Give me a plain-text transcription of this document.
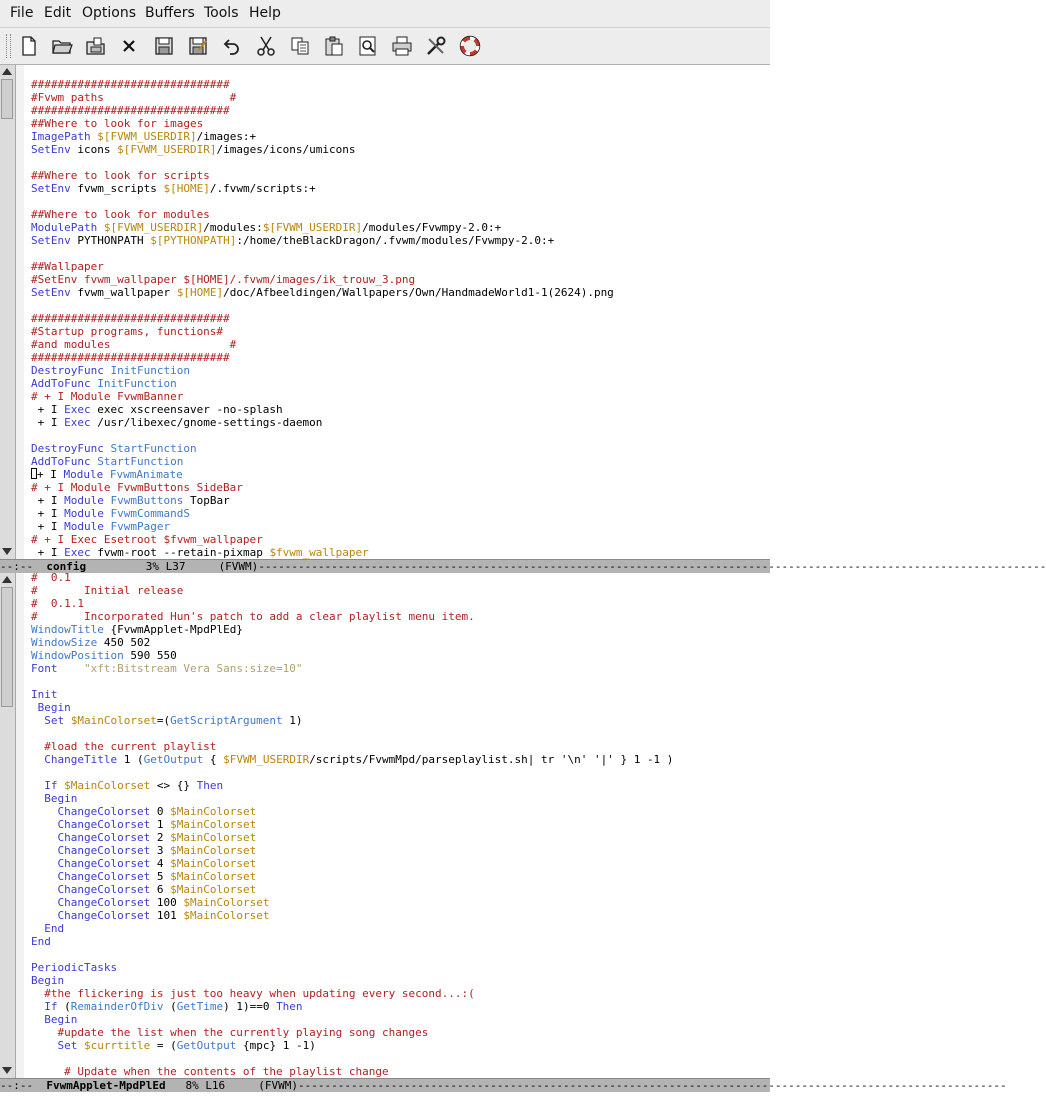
File Edit Options Buffers Tools Help
##############################
#Fvwm paths                   #
##############################
##Where to look for images
ImagePath $[FVWM_USERDIR]/images:+
SetEnv icons $[FVWM_USERDIR]/images/icons/umicons
##Where to look for scripts
SetEnv fvwm_scripts $[HOME]/.fvwm/scripts:+
##Where to look for modules
ModulePath $[FVWM_USERDIR]/modules:$[FVWM_USERDIR]/modules/Fvwmpy-2.0:+
SetEnv PYTHONPATH $[PYTHONPATH]:/home/theBlackDragon/.fvwm/modules/Fvwmpy-2.0:+
##Wallpaper
#SetEnv fvwm_wallpaper $[HOME]/.fvwm/images/ik_trouw_3.png
SetEnv fvwm_wallpaper $[HOME]/doc/Afbeeldingen/Wallpapers/Own/HandmadeWorld1-1(2624).png
##############################
#Startup programs, functions#
#and modules                  #
##############################
DestroyFunc InitFunction
AddToFunc InitFunction
# + I Module FvwmBanner
+ I Exec exec xscreensaver -no-splash
+ I Exec /usr/libexec/gnome-settings-daemon
DestroyFunc StartFunction
AddToFunc StartFunction
+ I Module FvwmAnimate
# + I Module FvwmButtons SideBar
+ I Module FvwmButtons TopBar
+ I Module FvwmCommandS
+ I Module FvwmPager
# + I Exec Esetroot $fvwm_wallpaper
+ I Exec fvwm-root --retain-pixmap $fvwm_wallpaper
--:--  config         3% L37     (FVWM)-----------------------------------------------------------------------------------------------------------------------
#  0.1
#       Initial release
#  0.1.1
#       Incorporated Hun's patch to add a clear playlist menu item.
WindowTitle {FvwmApplet-MpdPlEd}
WindowSize 450 502
WindowPosition 590 550
Font "xft:Bitstream Vera Sans:size=10"
Init
Begin
Set $MainColorset=(GetScriptArgument 1)
#load the current playlist
ChangeTitle 1 (GetOutput { $FVWM_USERDIR/scripts/FvwmMpd/parseplaylist.sh| tr '\n' '|' } 1 -1 )
If $MainColorset <> {} Then
Begin
ChangeColorset 0 $MainColorset
ChangeColorset 1 $MainColorset
ChangeColorset 2 $MainColorset
ChangeColorset 3 $MainColorset
ChangeColorset 4 $MainColorset
ChangeColorset 5 $MainColorset
ChangeColorset 6 $MainColorset
ChangeColorset 100 $MainColorset
ChangeColorset 101 $MainColorset
End
End
PeriodicTasks
Begin
#the flickering is just too heavy when updating every second...:(
If (RemainderOfDiv (GetTime) 1)==0 Then
Begin
#update the list when the currently playing song changes
Set $currtitle = (GetOutput {mpc} 1 -1)
# Update when the contents of the playlist change
--:--  FvwmApplet-MpdPlEd   8% L16     (FVWM)-----------------------------------------------------------------------------------------------------------
